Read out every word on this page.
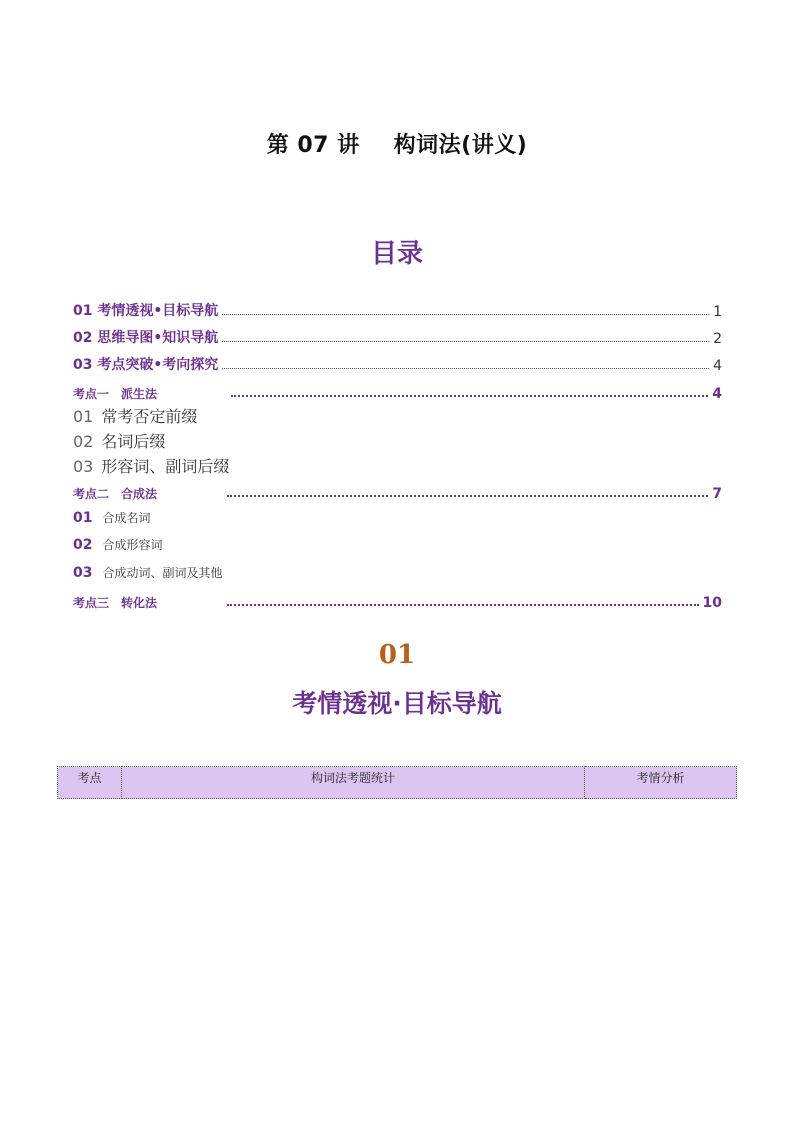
第 07 讲 构词法(讲义)
目录
01 考情透视•目标导航	1
02 思维导图•知识导航	2
03 考点突破•考向探究	4
考点一　派生法	4
01 常考否定前缀
02 名词后缀
03 形容词、副词后缀
考点二　合成法	7
01 合成名词
02 合成形容词
03 合成动词、副词及其他
考点三　转化法	10
01
考情透视·目标导航
考点	构词法考题统计	考情分析
